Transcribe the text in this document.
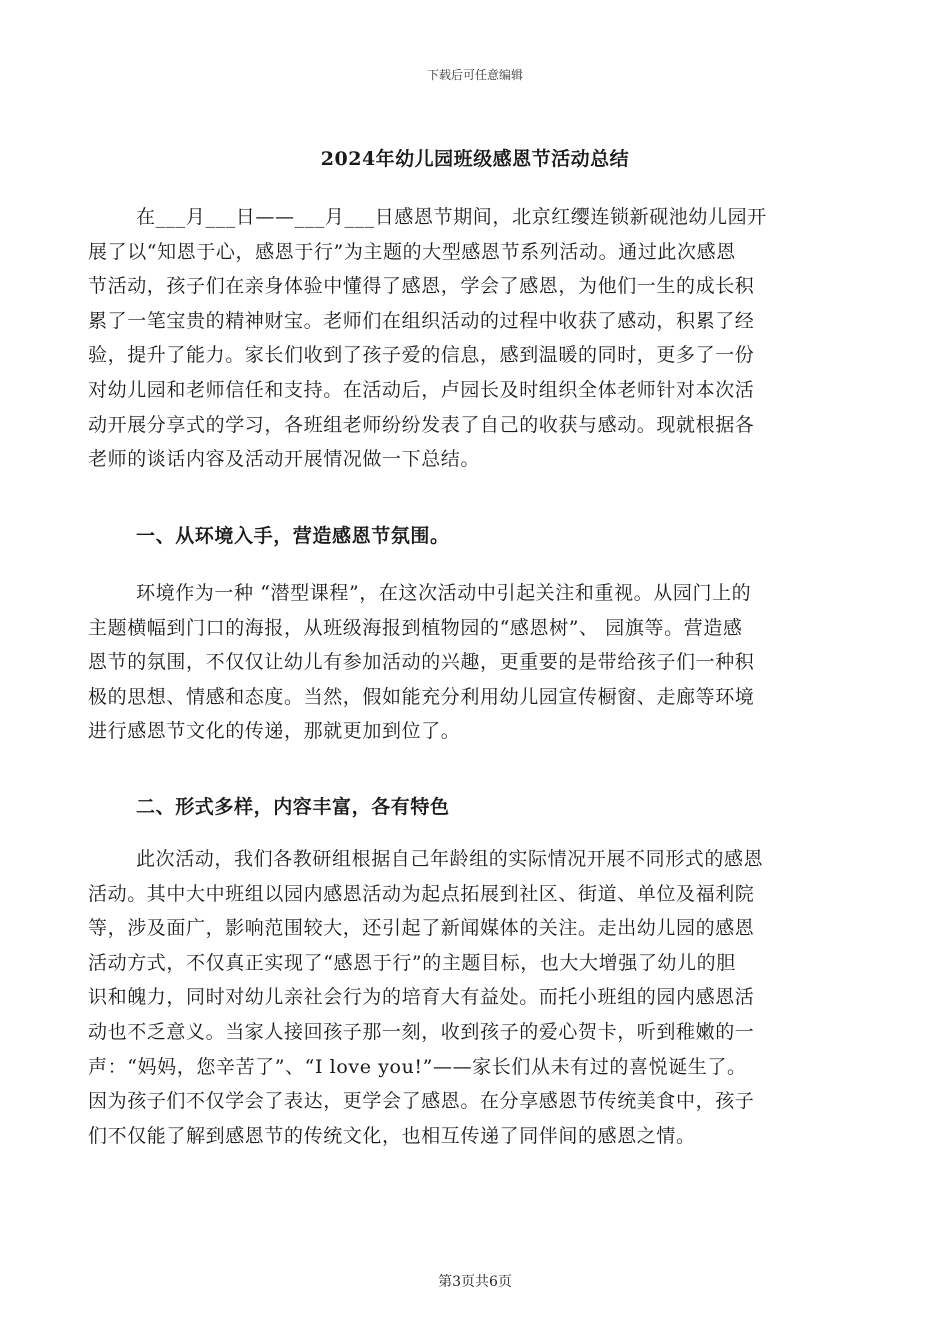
下载后可任意编辑
2024年幼儿园班级感恩节活动总结

在___月___日——___月___日感恩节期间，北京红缨连锁新砚池幼儿园开
展了以“知恩于心，感恩于行”为主题的大型感恩节系列活动。通过此次感恩
节活动，孩子们在亲身体验中懂得了感恩，学会了感恩，为他们一生的成长积
累了一笔宝贵的精神财宝。老师们在组织活动的过程中收获了感动，积累了经
验，提升了能力。家长们收到了孩子爱的信息，感到温暖的同时，更多了一份
对幼儿园和老师信任和支持。在活动后，卢园长及时组织全体老师针对本次活
动开展分享式的学习，各班组老师纷纷发表了自己的收获与感动。现就根据各
老师的谈话内容及活动开展情况做一下总结。

一、从环境入手，营造感恩节氛围。

环境作为一种 “潜型课程”，在这次活动中引起关注和重视。从园门上的
主题横幅到门口的海报，从班级海报到植物园的“感恩树”、 园旗等。营造感
恩节的氛围，不仅仅让幼儿有参加活动的兴趣，更重要的是带给孩子们一种积
极的思想、情感和态度。当然，假如能充分利用幼儿园宣传橱窗、走廊等环境
进行感恩节文化的传递，那就更加到位了。

二、形式多样，内容丰富，各有特色

此次活动，我们各教研组根据自己年龄组的实际情况开展不同形式的感恩
活动。其中大中班组以园内感恩活动为起点拓展到社区、街道、单位及福利院
等，涉及面广，影响范围较大，还引起了新闻媒体的关注。走出幼儿园的感恩
活动方式，不仅真正实现了“感恩于行”的主题目标，也大大增强了幼儿的胆
识和魄力，同时对幼儿亲社会行为的培育大有益处。而托小班组的园内感恩活
动也不乏意义。当家人接回孩子那一刻，收到孩子的爱心贺卡，听到稚嫩的一
声：“妈妈，您辛苦了”、“I love you!”——家长们从未有过的喜悦诞生了。
因为孩子们不仅学会了表达，更学会了感恩。在分享感恩节传统美食中，孩子
们不仅能了解到感恩节的传统文化，也相互传递了同伴间的感恩之情。

第3页共6页
